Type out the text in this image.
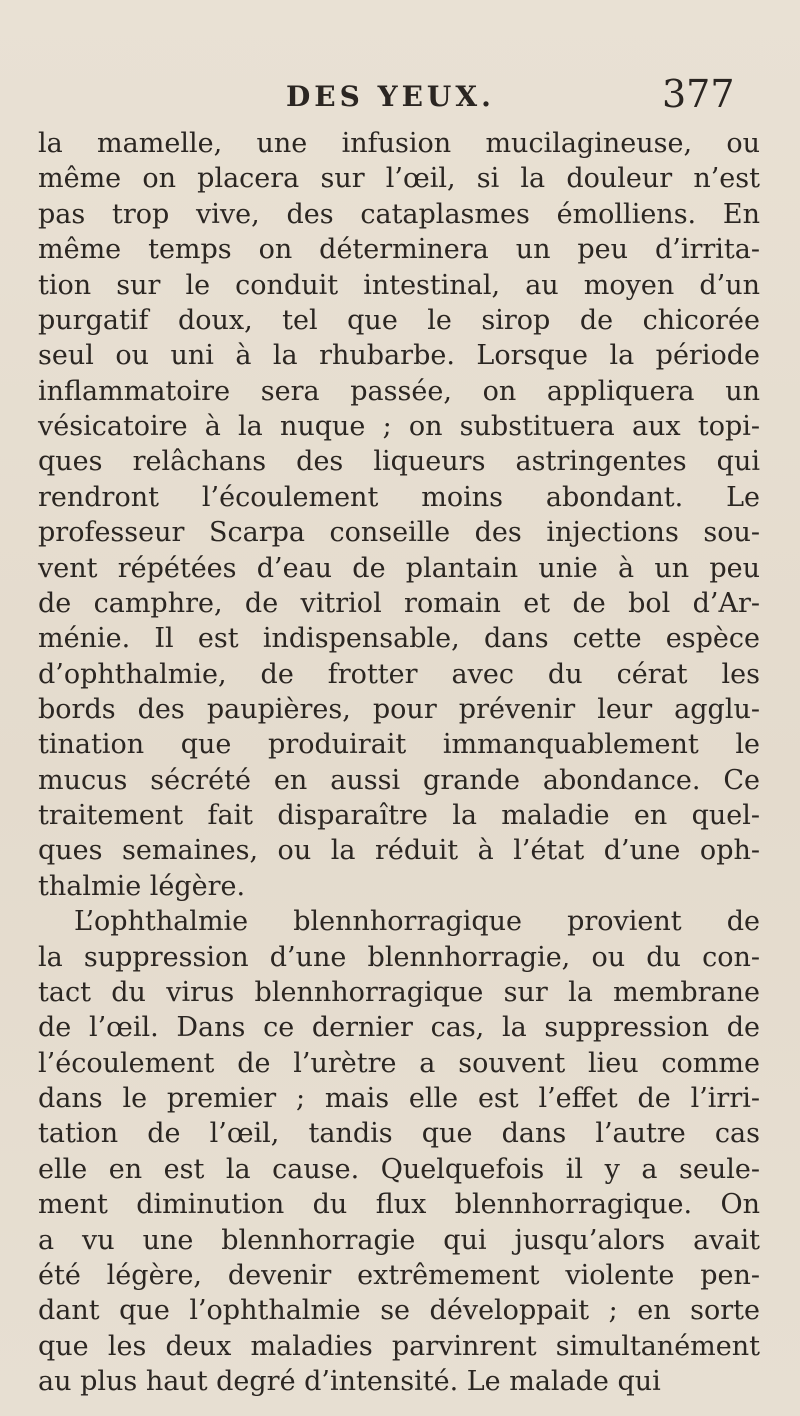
DES YEUX.	377
la mamelle, une infusion mucilagineuse, ou
même on placera sur l’œil, si la douleur n’est
pas trop vive, des cataplasmes émolliens. En
même temps on déterminera un peu d’irrita-
tion sur le conduit intestinal, au moyen d’un
purgatif doux, tel que le sirop de chicorée
seul ou uni à la rhubarbe. Lorsque la période
inflammatoire sera passée, on appliquera un
vésicatoire à la nuque ; on substituera aux topi-
ques relâchans des liqueurs astringentes qui
rendront l’écoulement moins abondant. Le
professeur Scarpa conseille des injections sou-
vent répétées d’eau de plantain unie à un peu
de camphre, de vitriol romain et de bol d’Ar-
ménie. Il est indispensable, dans cette espèce
d’ophthalmie, de frotter avec du cérat les
bords des paupières, pour prévenir leur agglu-
tination que produirait immanquablement le
mucus sécrété en aussi grande abondance. Ce
traitement fait disparaître la maladie en quel-
ques semaines, ou la réduit à l’état d’une oph-
thalmie légère.
L’ophthalmie blennhorragique provient de
la suppression d’une blennhorragie, ou du con-
tact du virus blennhorragique sur la membrane
de l’œil. Dans ce dernier cas, la suppression de
l’écoulement de l’urètre a souvent lieu comme
dans le premier ; mais elle est l’effet de l’irri-
tation de l’œil, tandis que dans l’autre cas
elle en est la cause. Quelquefois il y a seule-
ment diminution du flux blennhorragique. On
a vu une blennhorragie qui jusqu’alors avait
été légère, devenir extrêmement violente pen-
dant que l’ophthalmie se développait ; en sorte
que les deux maladies parvinrent simultanément
au plus haut degré d’intensité. Le malade qui
